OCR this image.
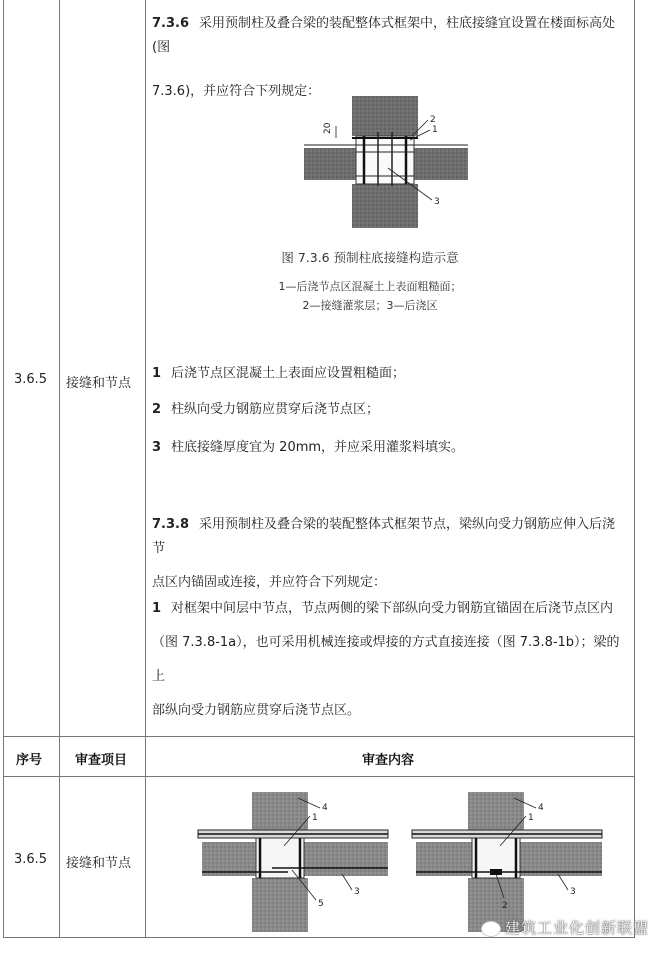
3.6.5 接缝和节点
7.3.6 采用预制柱及叠合梁的装配整体式框架中，柱底接缝宜设置在楼面标高处(图
7.3.6)，并应符合下列规定：
20
2
1
3
图 7.3.6 预制柱底接缝构造示意
1—后浇节点区混凝土上表面粗糙面；
2—接缝灌浆层；3—后浇区
1 后浇节点区混凝土上表面应设置粗糙面；
2 柱纵向受力钢筋应贯穿后浇节点区；
3 柱底接缝厚度宜为 20mm，并应采用灌浆料填实。
7.3.8 采用预制柱及叠合梁的装配整体式框架节点，梁纵向受力钢筋应伸入后浇节
点区内锚固或连接，并应符合下列规定：
1 对框架中间层中节点，节点两侧的梁下部纵向受力钢筋宜锚固在后浇节点区内
（图 7.3.8-1a），也可采用机械连接或焊接的方式直接连接（图 7.3.8-1b）；梁的上
部纵向受力钢筋应贯穿后浇节点区。
序号	审查项目	审查内容
3.6.5 接缝和节点
4
1
3
5
4
1
2
3
建筑工业化创新联盟
